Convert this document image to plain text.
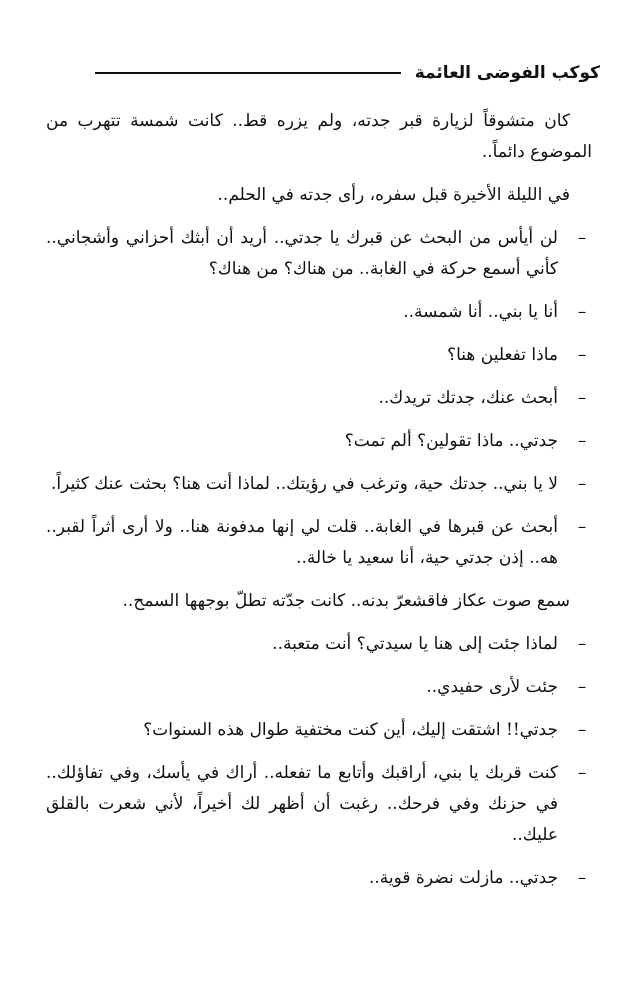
كوكب الفوضى العائمة

كان متشوقاً لزيارة قبر جدته، ولم يزره قط.. كانت شمسة تتهرب من الموضوع دائماً..

في الليلة الأخيرة قبل سفره، رأى جدته في الحلم..

–
لن أيأس من البحث عن قبرك يا جدتي.. أريد أن أبثك أحزاني وأشجاني.. كأني أسمع حركة في الغابة.. من هناك؟ من هناك؟

–
أنا يا بني.. أنا شمسة..

–
ماذا تفعلين هنا؟

–
أبحث عنك، جدتك تريدك..

–
جدتي.. ماذا تقولين؟ ألم تمت؟

–
لا يا بني.. جدتك حية، وترغب في رؤيتك.. لماذا أنت هنا؟ بحثت عنك كثيراً.

–
أبحث عن قبرها في الغابة.. قلت لي إنها مدفونة هنا.. ولا أرى أثراً لقبر.. هه.. إذن جدتي حية، أنا سعيد يا خالة..

سمع صوت عكاز فاقشعرّ بدنه.. كانت جدّته تطلّ بوجهها السمح..

–
لماذا جئت إلى هنا يا سيدتي؟ أنت متعبة..

–
جئت لأرى حفيدي..

–
جدتي!! اشتقت إليك، أين كنت مختفية طوال هذه السنوات؟

–
كنت قربك يا بني، أراقبك وأتابع ما تفعله.. أراك في يأسك، وفي تفاؤلك.. في حزنك وفي فرحك.. رغبت أن أظهر لك أخيراً، لأني شعرت بالقلق عليك..

–
جدتي.. مازلت نضرة قوية..
